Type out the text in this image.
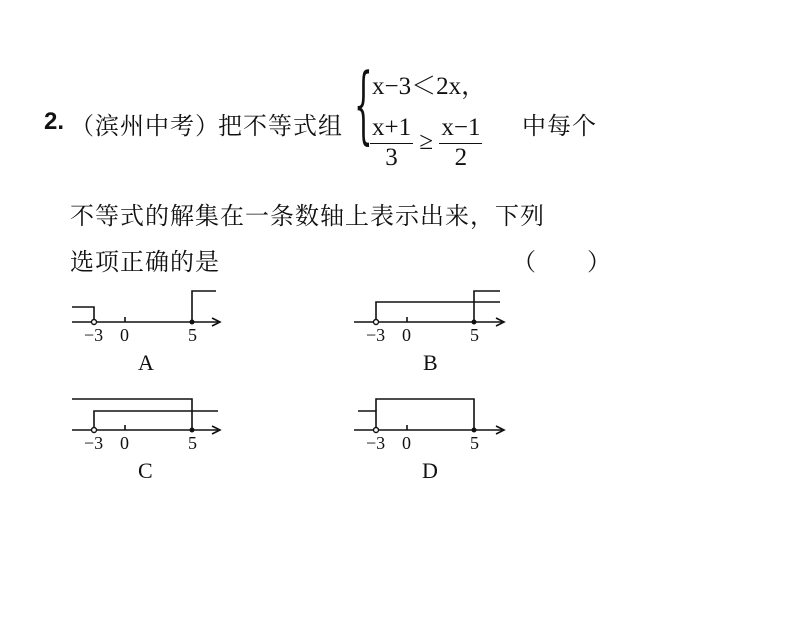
2. （滨州中考）
把不等式组 { x−3＜2x，
$\frac{x+1}{3} \ge \frac{x-1}{2}$ 中每个
不等式的解集在一条数轴上表示出来，下列
选项正确的是	（　　）
−3 0	5
A
−3 0	5
B
−3 0	5
C
−3 0	5
D
